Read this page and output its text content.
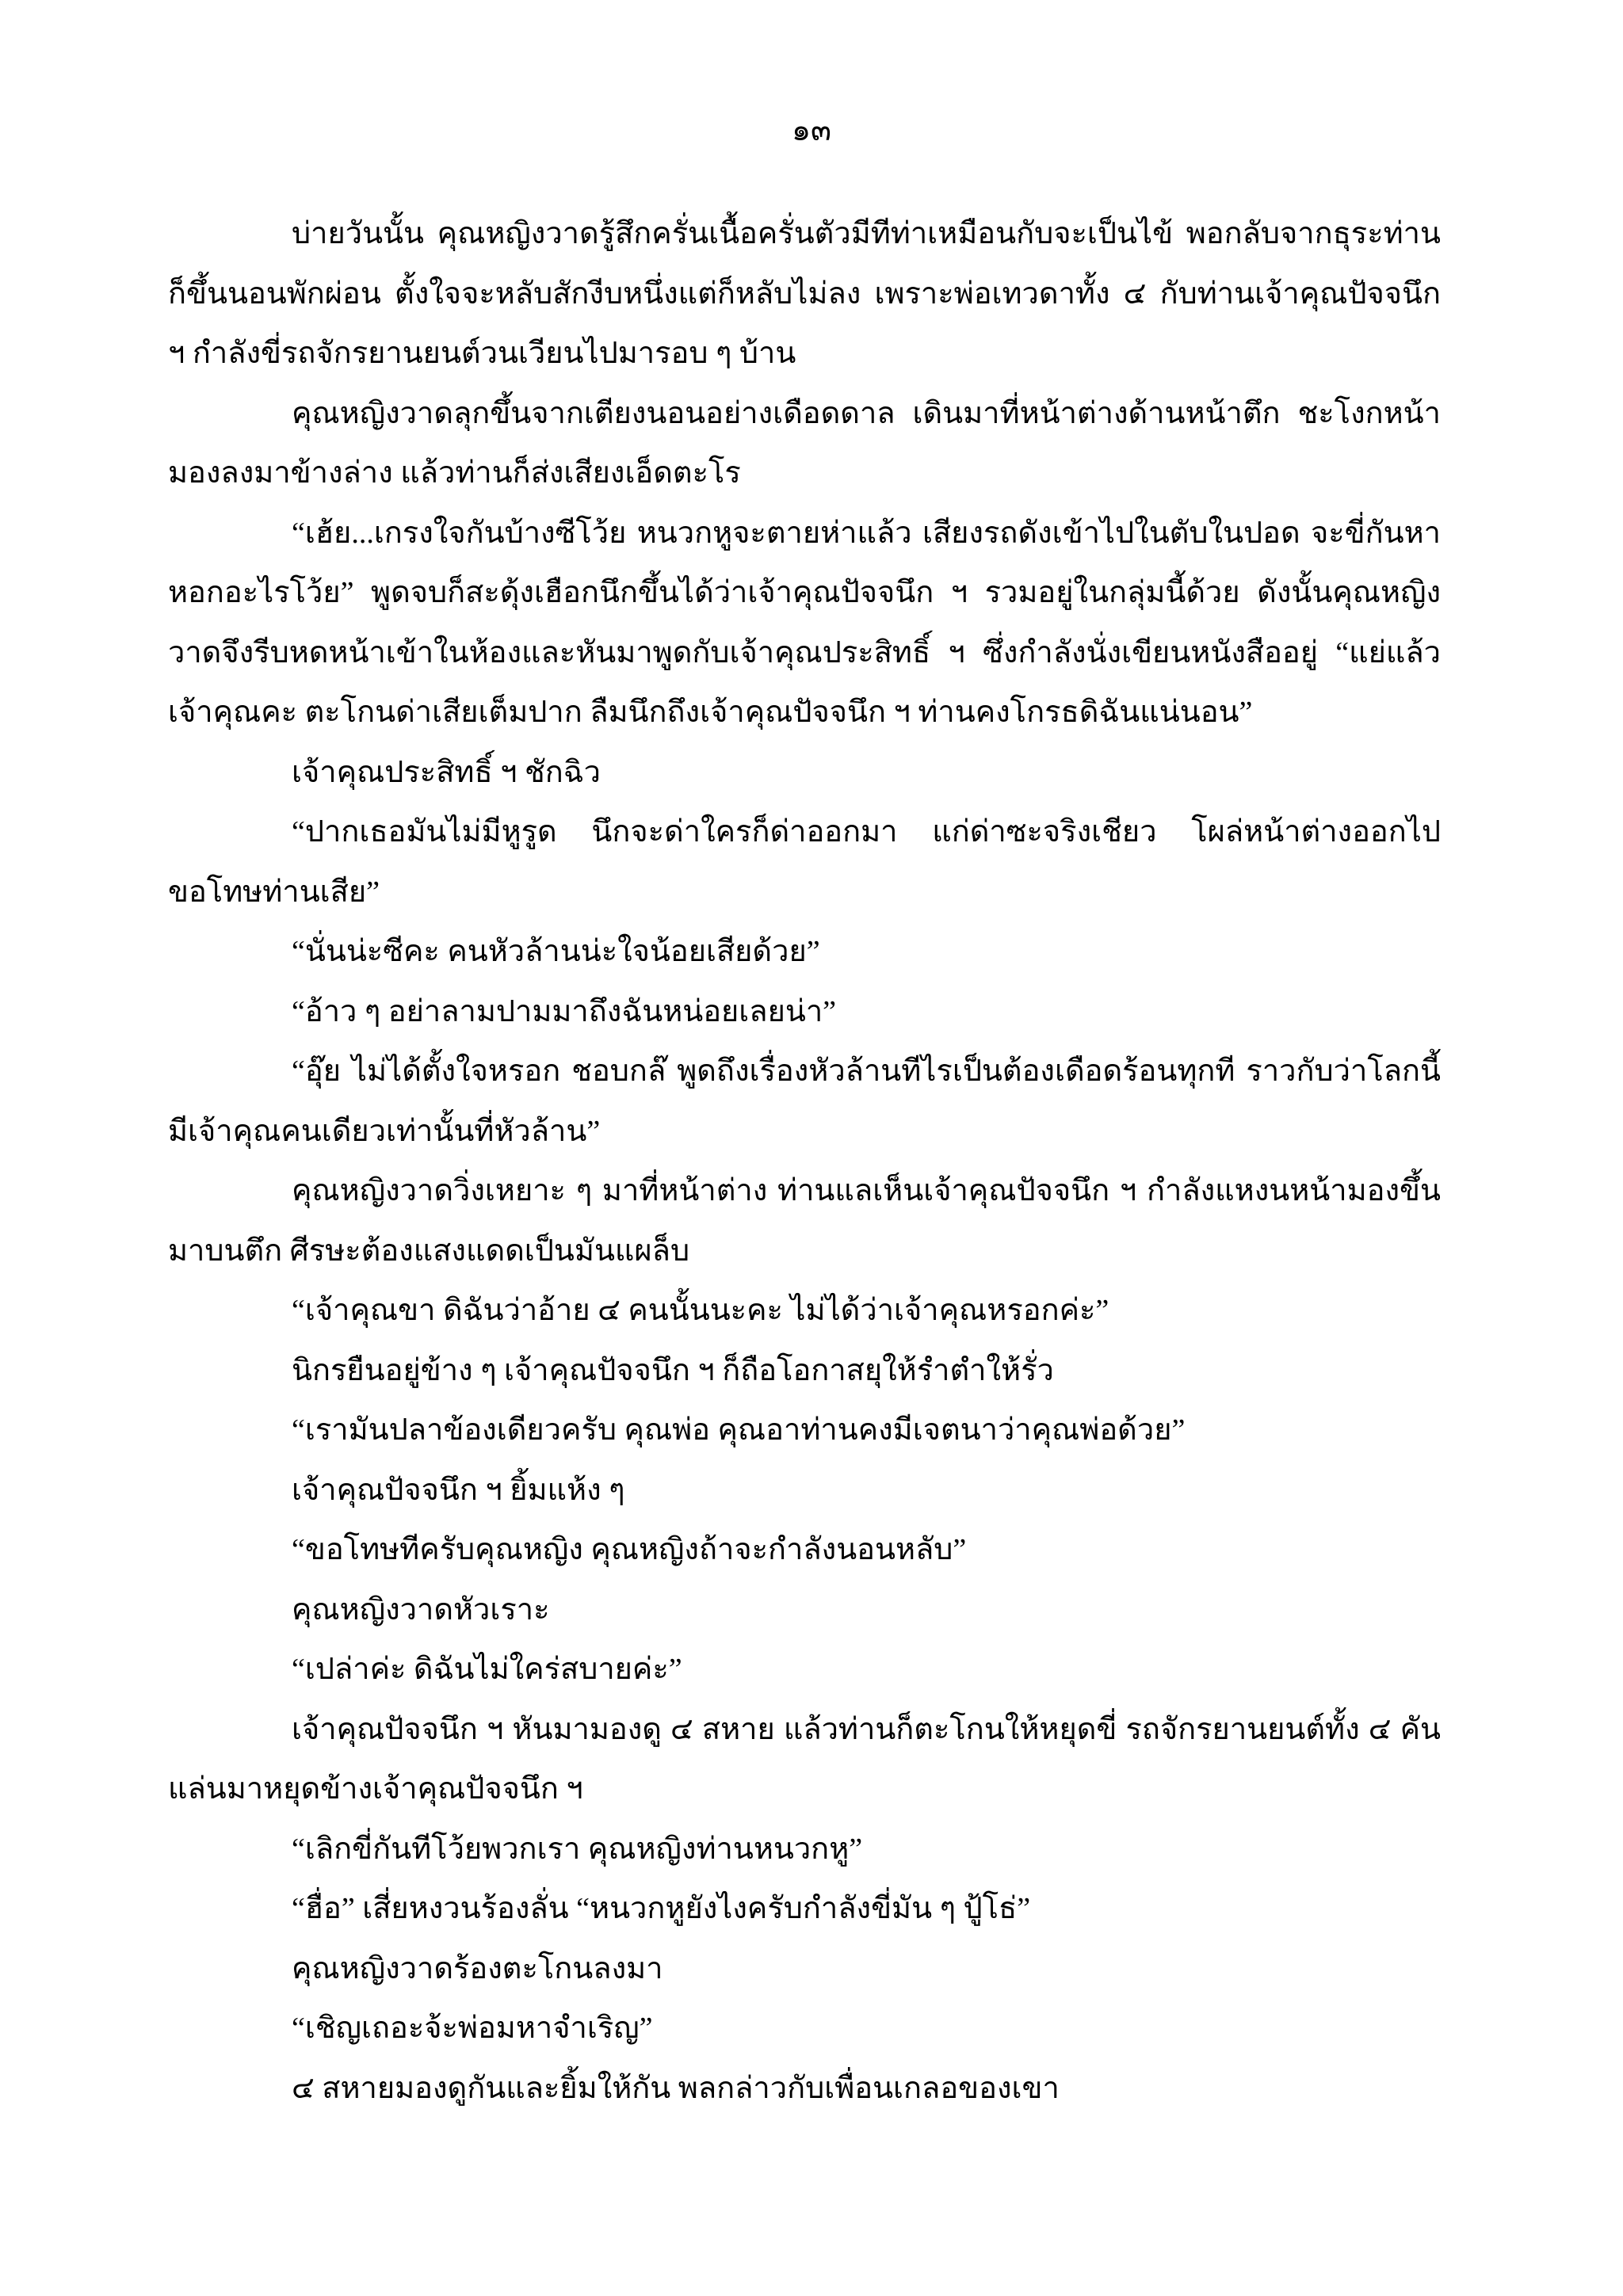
๑๓

บ่ายวันนั้น คุณหญิงวาดรู้สึกครั่นเนื้อครั่นตัวมีทีท่าเหมือนกับจะเป็นไข้ พอกลับจากธุระท่านก็ขึ้นนอนพักผ่อน ตั้งใจจะหลับสักงีบหนึ่งแต่ก็หลับไม่ลง เพราะพ่อเทวดาทั้ง ๔ กับท่านเจ้าคุณปัจจนึก ฯ กำลังขี่รถจักรยานยนต์วนเวียนไปมารอบ ๆ บ้าน

คุณหญิงวาดลุกขึ้นจากเตียงนอนอย่างเดือดดาล เดินมาที่หน้าต่างด้านหน้าตึก ชะโงกหน้ามองลงมาข้างล่าง แล้วท่านก็ส่งเสียงเอ็ดตะโร

“เฮ้ย...เกรงใจกันบ้างซีโว้ย หนวกหูจะตายห่าแล้ว เสียงรถดังเข้าไปในตับในปอด จะขี่กันหาหอกอะไรโว้ย” พูดจบก็สะดุ้งเฮือกนึกขึ้นได้ว่าเจ้าคุณปัจจนึก ฯ รวมอยู่ในกลุ่มนี้ด้วย ดังนั้นคุณหญิงวาดจึงรีบหดหน้าเข้าในห้องและหันมาพูดกับเจ้าคุณประสิทธิ์ ฯ ซึ่งกำลังนั่งเขียนหนังสืออยู่ “แย่แล้วเจ้าคุณคะ ตะโกนด่าเสียเต็มปาก ลืมนึกถึงเจ้าคุณปัจจนึก ฯ ท่านคงโกรธดิฉันแน่นอน”

เจ้าคุณประสิทธิ์ ฯ ชักฉิว

“ปากเธอมันไม่มีหูรูด นึกจะด่าใครก็ด่าออกมา แก่ด่าซะจริงเชียว โผล่หน้าต่างออกไปขอโทษท่านเสีย”

“นั่นน่ะซีคะ คนหัวล้านน่ะใจน้อยเสียด้วย”

“อ้าว ๆ อย่าลามปามมาถึงฉันหน่อยเลยน่า”

“อุ๊ย ไม่ได้ตั้งใจหรอก ชอบกล๊ พูดถึงเรื่องหัวล้านทีไรเป็นต้องเดือดร้อนทุกที ราวกับว่าโลกนี้มีเจ้าคุณคนเดียวเท่านั้นที่หัวล้าน”

คุณหญิงวาดวิ่งเหยาะ ๆ มาที่หน้าต่าง ท่านแลเห็นเจ้าคุณปัจจนึก ฯ กำลังแหงนหน้ามองขึ้นมาบนตึก ศีรษะต้องแสงแดดเป็นมันแผล็บ

“เจ้าคุณขา ดิฉันว่าอ้าย ๔ คนนั้นนะคะ ไม่ได้ว่าเจ้าคุณหรอกค่ะ”

นิกรยืนอยู่ข้าง ๆ เจ้าคุณปัจจนึก ฯ ก็ถือโอกาสยุให้รำตำให้รั่ว

“เรามันปลาข้องเดียวครับ คุณพ่อ คุณอาท่านคงมีเจตนาว่าคุณพ่อด้วย”

เจ้าคุณปัจจนึก ฯ ยิ้มแห้ง ๆ

“ขอโทษทีครับคุณหญิง คุณหญิงถ้าจะกำลังนอนหลับ”

คุณหญิงวาดหัวเราะ

“เปล่าค่ะ ดิฉันไม่ใคร่สบายค่ะ”

เจ้าคุณปัจจนึก ฯ หันมามองดู ๔ สหาย แล้วท่านก็ตะโกนให้หยุดขี่ รถจักรยานยนต์ทั้ง ๔ คันแล่นมาหยุดข้างเจ้าคุณปัจจนึก ฯ

“เลิกขี่กันทีโว้ยพวกเรา คุณหญิงท่านหนวกหู”

“ฮื่อ” เสี่ยหงวนร้องลั่น “หนวกหูยังไงครับกำลังขี่มัน ๆ ปู้โธ่”

คุณหญิงวาดร้องตะโกนลงมา

“เชิญเถอะจ้ะพ่อมหาจำเริญ”

๔ สหายมองดูกันและยิ้มให้กัน พลกล่าวกับเพื่อนเกลอของเขา
